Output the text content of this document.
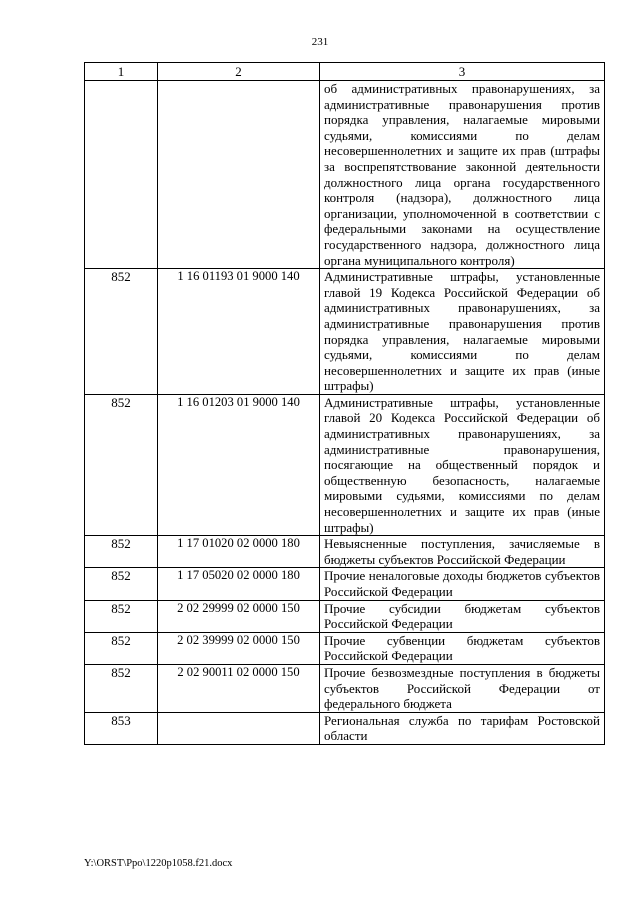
231
1	2	3
		об административных правонарушениях, за административные правонарушения против порядка управления, налагаемые мировыми судьями, комиссиями по делам несовершеннолетних и защите их прав (штрафы за воспрепятствование законной деятельности должностного лица органа государственного контроля (надзора), должностного лица организации, уполномоченной в соответствии с федеральными законами на осуществление государственного надзора, должностного лица органа муниципального контроля)
852	1 16 01193 01 9000 140	Административные штрафы, установленные главой 19 Кодекса Российской Федерации об административных правонарушениях, за административные правонарушения против порядка управления, налагаемые мировыми судьями, комиссиями по делам несовершеннолетних и защите их прав (иные штрафы)
852	1 16 01203 01 9000 140	Административные штрафы, установленные главой 20 Кодекса Российской Федерации об административных правонарушениях, за административные правонарушения, посягающие на общественный порядок и общественную безопасность, налагаемые мировыми судьями, комиссиями по делам несовершеннолетних и защите их прав (иные штрафы)
852	1 17 01020 02 0000 180	Невыясненные поступления, зачисляемые в бюджеты субъектов Российской Федерации
852	1 17 05020 02 0000 180	Прочие неналоговые доходы бюджетов субъектов Российской Федерации
852	2 02 29999 02 0000 150	Прочие субсидии бюджетам субъектов Российской Федерации
852	2 02 39999 02 0000 150	Прочие субвенции бюджетам субъектов Российской Федерации
852	2 02 90011 02 0000 150	Прочие безвозмездные поступления в бюджеты субъектов Российской Федерации от федерального бюджета
853		Региональная служба по тарифам Ростовской области
Y:\ORST\Ppo\1220p1058.f21.docx
